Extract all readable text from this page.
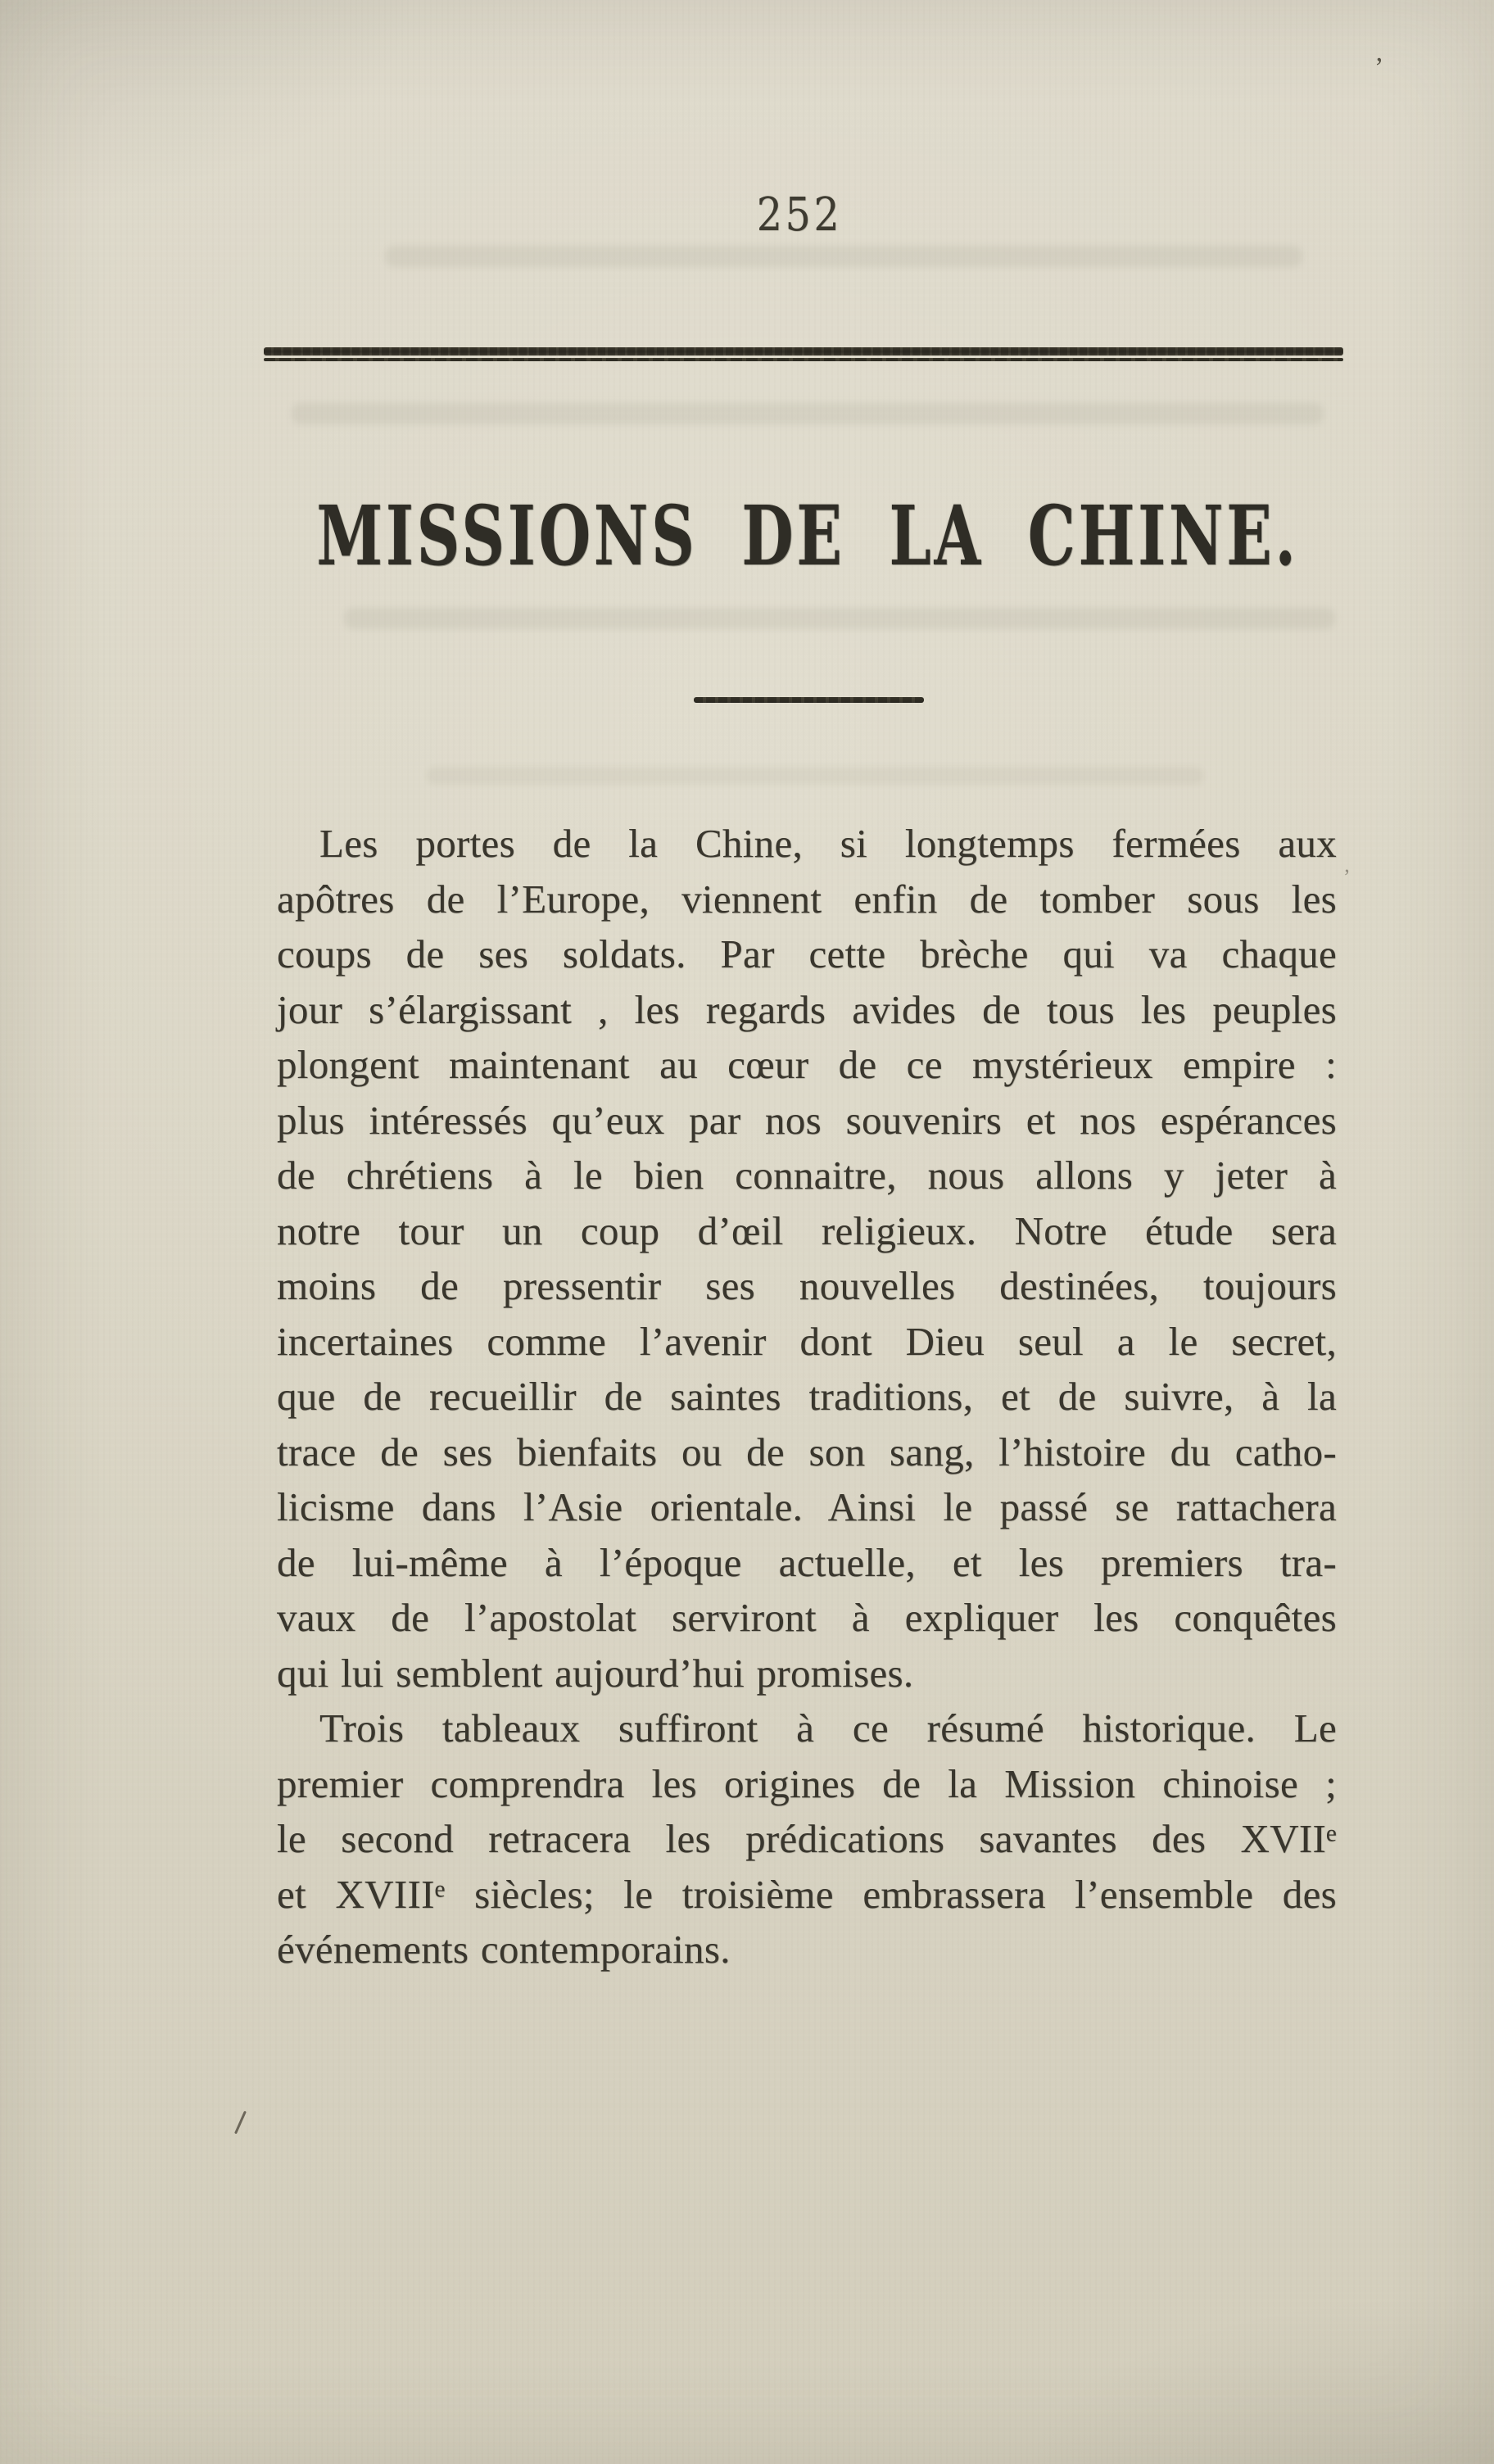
252
MISSIONS DE LA CHINE.
Les portes de la Chine, si longtemps fermées aux
apôtres de l’Europe, viennent enfin de tomber sous les
coups de ses soldats. Par cette brèche qui va chaque
jour s’élargissant , les regards avides de tous les peuples
plongent maintenant au cœur de ce mystérieux empire :
plus intéressés qu’eux par nos souvenirs et nos espérances
de chrétiens à le bien connaitre, nous allons y jeter à
notre tour un coup d’œil religieux. Notre étude sera
moins de pressentir ses nouvelles destinées, toujours
incertaines comme l’avenir dont Dieu seul a le secret,
que de recueillir de saintes traditions, et de suivre, à la
trace de ses bienfaits ou de son sang, l’histoire du catho-
licisme dans l’Asie orientale. Ainsi le passé se rattachera
de lui-même à l’époque actuelle, et les premiers tra-
vaux de l’apostolat serviront à expliquer les conquêtes
qui lui semblent aujourd’hui promises.
Trois tableaux suffiront à ce résumé historique. Le
premier comprendra les origines de la Mission chinoise ;
le second retracera les prédications savantes des XVIIᵉ
et XVIIIᵉ siècles; le troisième embrassera l’ensemble des
événements contemporains.
’
’
